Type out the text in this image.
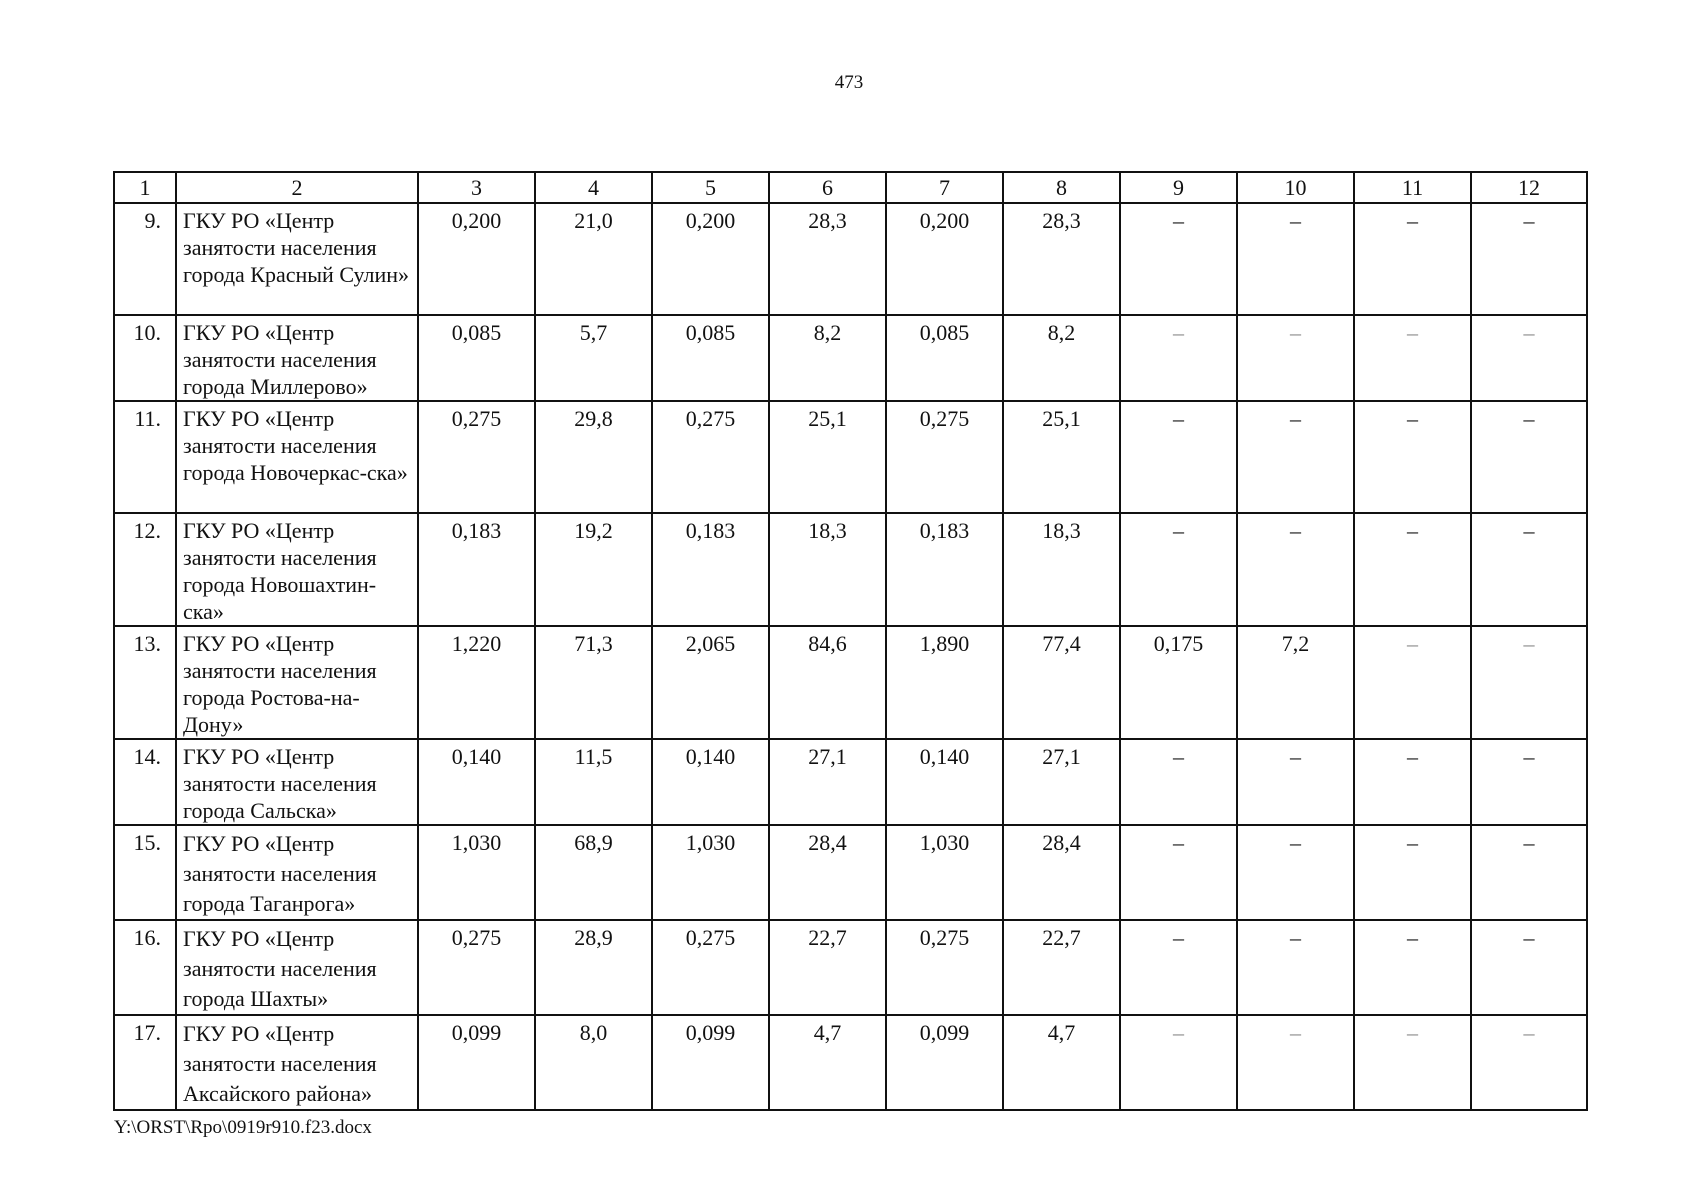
473
1	2	3	4	5	6	7	8	9	10	11	12
9.	ГКУ РО «Центр занятости населения города Красный Сулин»	0,200	21,0	0,200	28,3	0,200	28,3	–	–	–	–
10.	ГКУ РО «Центр занятости населения города Миллерово»	0,085	5,7	0,085	8,2	0,085	8,2	–	–	–	–
11.	ГКУ РО «Центр занятости населения города Новочеркас-ска»	0,275	29,8	0,275	25,1	0,275	25,1	–	–	–	–
12.	ГКУ РО «Центр занятости населения города Новошахтин-ска»	0,183	19,2	0,183	18,3	0,183	18,3	–	–	–	–
13.	ГКУ РО «Центр занятости населения города Ростова-на-Дону»	1,220	71,3	2,065	84,6	1,890	77,4	0,175	7,2	–	–
14.	ГКУ РО «Центр занятости населения города Сальска»	0,140	11,5	0,140	27,1	0,140	27,1	–	–	–	–
15.	ГКУ РО «Центр занятости населения города Таганрога»	1,030	68,9	1,030	28,4	1,030	28,4	–	–	–	–
16.	ГКУ РО «Центр занятости населения города Шахты»	0,275	28,9	0,275	22,7	0,275	22,7	–	–	–	–
17.	ГКУ РО «Центр занятости населения Аксайского района»	0,099	8,0	0,099	4,7	0,099	4,7	–	–	–	–
Y:\ORST\Rpo\0919r910.f23.docx
